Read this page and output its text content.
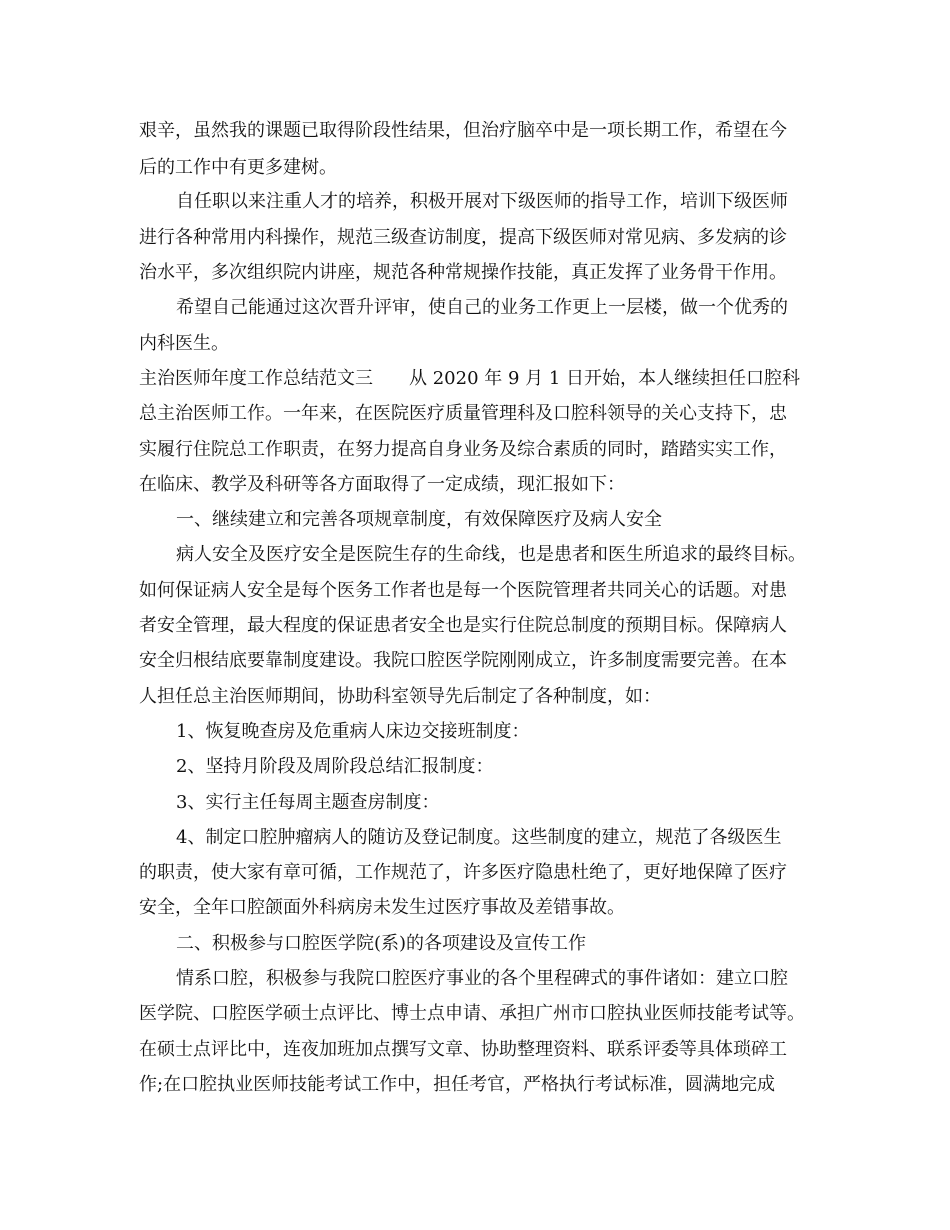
艰辛，虽然我的课题已取得阶段性结果，但治疗脑卒中是一项长期工作，希望在今
后的工作中有更多建树。
自任职以来注重人才的培养，积极开展对下级医师的指导工作，培训下级医师
进行各种常用内科操作，规范三级查访制度，提高下级医师对常见病、多发病的诊
治水平，多次组织院内讲座，规范各种常规操作技能，真正发挥了业务骨干作用。
希望自己能通过这次晋升评审，使自己的业务工作更上一层楼，做一个优秀的
内科医生。
主治医师年度工作总结范文三　　从 2020 年 9 月 1 日开始，本人继续担任口腔科
总主治医师工作。一年来，在医院医疗质量管理科及口腔科领导的关心支持下，忠
实履行住院总工作职责，在努力提高自身业务及综合素质的同时，踏踏实实工作，
在临床、教学及科研等各方面取得了一定成绩，现汇报如下：
一、继续建立和完善各项规章制度，有效保障医疗及病人安全
病人安全及医疗安全是医院生存的生命线，也是患者和医生所追求的最终目标。
如何保证病人安全是每个医务工作者也是每一个医院管理者共同关心的话题。对患
者安全管理，最大程度的保证患者安全也是实行住院总制度的预期目标。保障病人
安全归根结底要靠制度建设。我院口腔医学院刚刚成立，许多制度需要完善。在本
人担任总主治医师期间，协助科室领导先后制定了各种制度，如：
1、恢复晚查房及危重病人床边交接班制度：
2、坚持月阶段及周阶段总结汇报制度：
3、实行主任每周主题查房制度：
4、制定口腔肿瘤病人的随访及登记制度。这些制度的建立，规范了各级医生
的职责，使大家有章可循，工作规范了，许多医疗隐患杜绝了，更好地保障了医疗
安全，全年口腔颌面外科病房未发生过医疗事故及差错事故。
二、积极参与口腔医学院(系)的各项建设及宣传工作
情系口腔，积极参与我院口腔医疗事业的各个里程碑式的事件诸如：建立口腔
医学院、口腔医学硕士点评比、博士点申请、承担广州市口腔执业医师技能考试等。
在硕士点评比中，连夜加班加点撰写文章、协助整理资料、联系评委等具体琐碎工
作;在口腔执业医师技能考试工作中，担任考官，严格执行考试标准，圆满地完成
